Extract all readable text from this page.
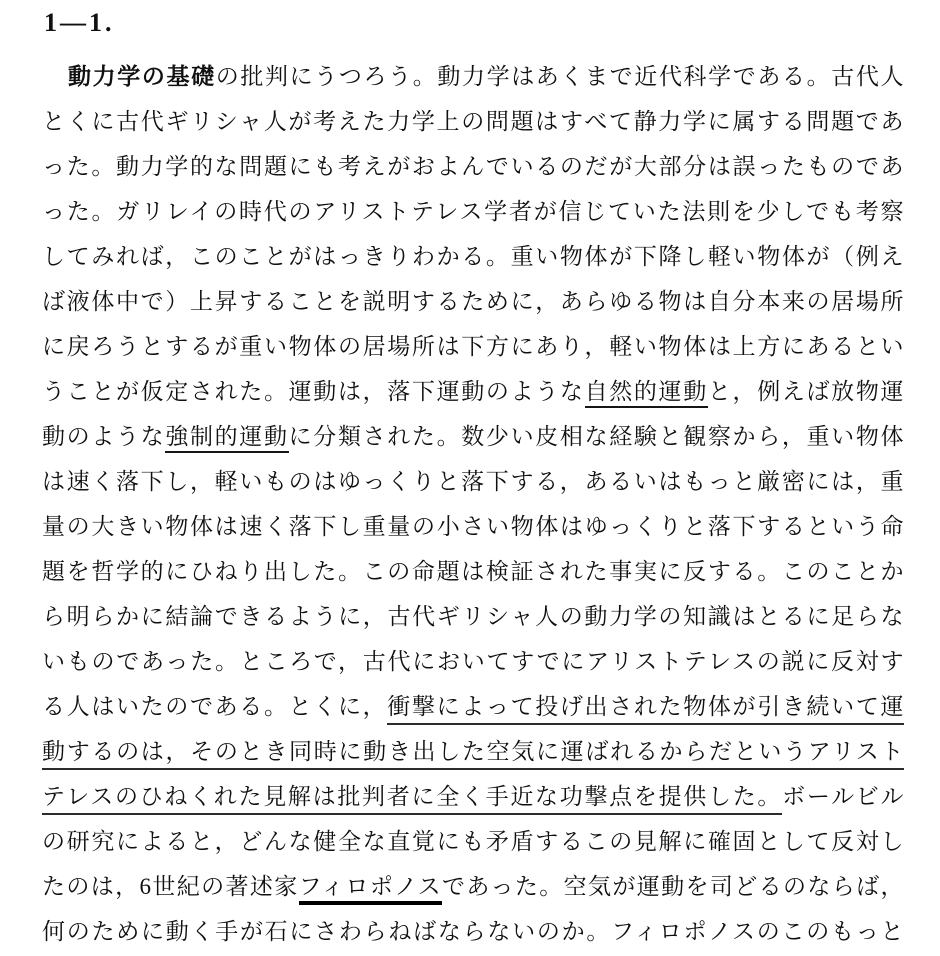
1—1.

動力学の基礎の批判にうつろう。動力学はあくまで近代科学である。古代人

とくに古代ギリシャ人が考えた力学上の問題はすべて静力学に属する問題であ

った。動力学的な問題にも考えがおよんでいるのだが大部分は誤ったものであ

った。ガリレイの時代のアリストテレス学者が信じていた法則を少しでも考察

してみれば，このことがはっきりわかる。重い物体が下降し軽い物体が（例え

ば液体中で）上昇することを説明するために，あらゆる物は自分本来の居場所

に戻ろうとするが重い物体の居場所は下方にあり，軽い物体は上方にあるとい

うことが仮定された。運動は，落下運動のような自然的運動と，例えば放物運

動のような強制的運動に分類された。数少い皮相な経験と観察から，重い物体

は速く落下し，軽いものはゆっくりと落下する，あるいはもっと厳密には，重

量の大きい物体は速く落下し重量の小さい物体はゆっくりと落下するという命

題を哲学的にひねり出した。この命題は検証された事実に反する。このことか

ら明らかに結論できるように，古代ギリシャ人の動力学の知識はとるに足らな

いものであった。ところで，古代においてすでにアリストテレスの説に反対す

る人はいたのである。とくに，衝撃によって投げ出された物体が引き続いて運

動するのは，そのとき同時に動き出した空気に運ばれるからだというアリスト

テレスのひねくれた見解は批判者に全く手近な功撃点を提供した。ボールビル

の研究によると，どんな健全な直覚にも矛盾するこの見解に確固として反対し

たのは，6世紀の著述家フィロポノスであった。空気が運動を司どるのならば，

何のために動く手が石にさわらねばならないのか。フィロポノスのこのもっと
